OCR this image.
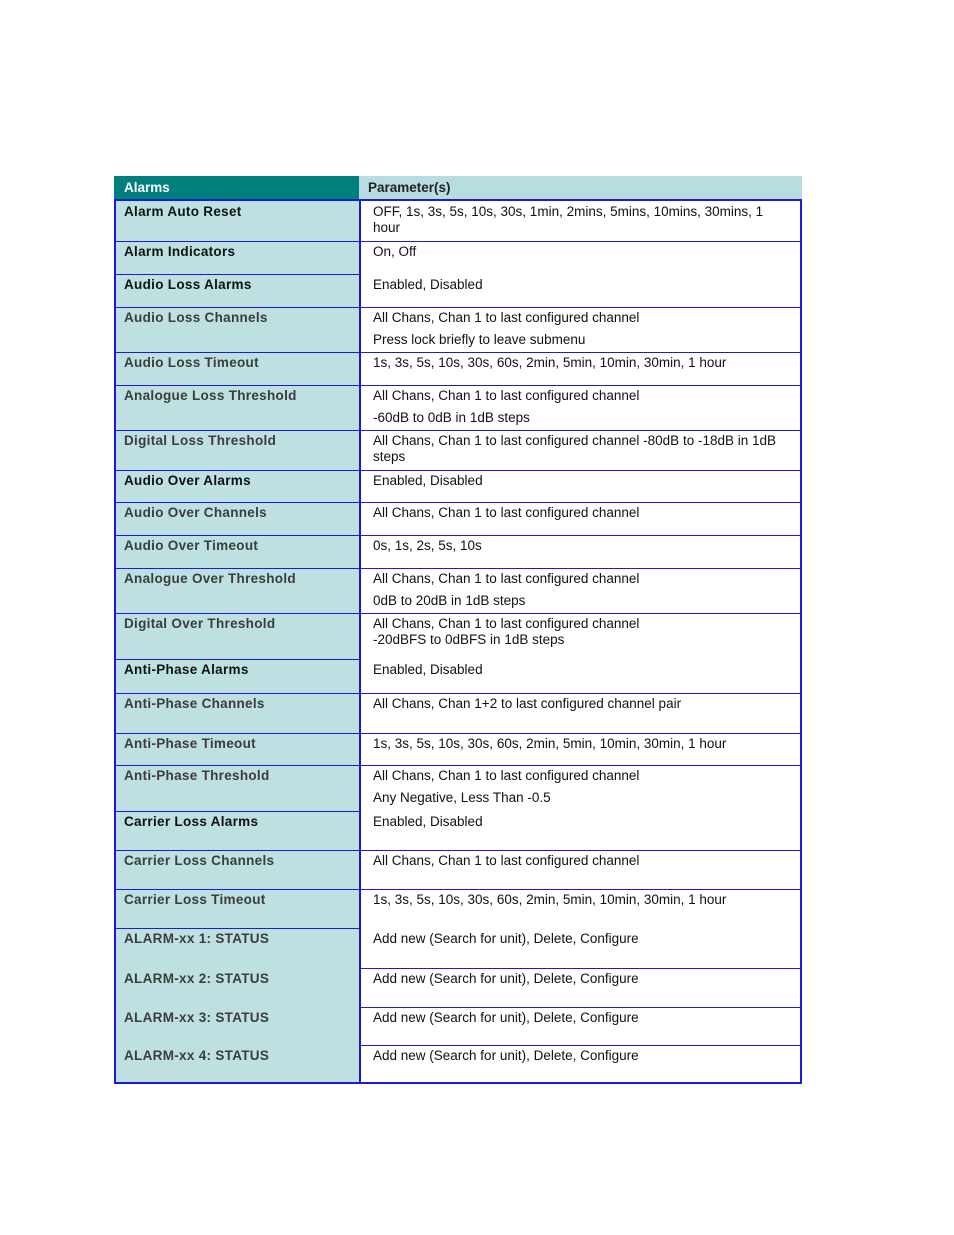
Alarms	Parameter(s)
Alarm Auto Reset	OFF, 1s, 3s, 5s, 10s, 30s, 1min, 2mins, 5mins, 10mins, 30mins, 1 hour
Alarm Indicators	On, Off
Audio Loss Alarms	Enabled, Disabled
Audio Loss Channels	All Chans, Chan 1 to last configured channel
Press lock briefly to leave submenu
Audio Loss Timeout	1s, 3s, 5s, 10s, 30s, 60s, 2min, 5min, 10min, 30min, 1 hour
Analogue Loss Threshold	All Chans, Chan 1 to last configured channel
-60dB to 0dB in 1dB steps
Digital Loss Threshold	All Chans, Chan 1 to last configured channel -80dB to -18dB in 1dB steps
Audio Over Alarms	Enabled, Disabled
Audio Over Channels	All Chans, Chan 1 to last configured channel
Audio Over Timeout	0s, 1s, 2s, 5s, 10s
Analogue Over Threshold	All Chans, Chan 1 to last configured channel
0dB to 20dB in 1dB steps
Digital Over Threshold	All Chans, Chan 1 to last configured channel
-20dBFS to 0dBFS in 1dB steps
Anti-Phase Alarms	Enabled, Disabled
Anti-Phase Channels	All Chans, Chan 1+2 to last configured channel pair
Anti-Phase Timeout	1s, 3s, 5s, 10s, 30s, 60s, 2min, 5min, 10min, 30min, 1 hour
Anti-Phase Threshold	All Chans, Chan 1 to last configured channel
Any Negative, Less Than -0.5
Carrier Loss Alarms	Enabled, Disabled
Carrier Loss Channels	All Chans, Chan 1 to last configured channel
Carrier Loss Timeout	1s, 3s, 5s, 10s, 30s, 60s, 2min, 5min, 10min, 30min, 1 hour
ALARM-xx 1: STATUS	Add new (Search for unit), Delete, Configure
ALARM-xx 2: STATUS	Add new (Search for unit), Delete, Configure
ALARM-xx 3: STATUS	Add new (Search for unit), Delete, Configure
ALARM-xx 4: STATUS	Add new (Search for unit), Delete, Configure
